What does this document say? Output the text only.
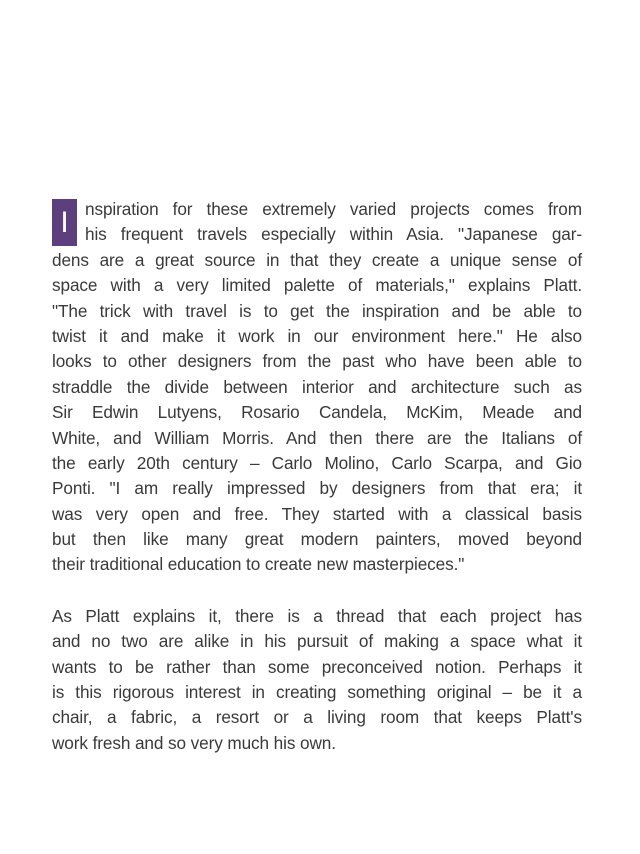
I nspiration for these extremely varied projects comes from
his frequent travels especially within Asia. "Japanese gar-
dens are a great source in that they create a unique sense of
space with a very limited palette of materials," explains Platt.
"The trick with travel is to get the inspiration and be able to
twist it and make it work in our environment here." He also
looks to other designers from the past who have been able to
straddle the divide between interior and architecture such as
Sir Edwin Lutyens, Rosario Candela, McKim, Meade and
White, and William Morris. And then there are the Italians of
the early 20th century – Carlo Molino, Carlo Scarpa, and Gio
Ponti. "I am really impressed by designers from that era; it
was very open and free. They started with a classical basis
but then like many great modern painters, moved beyond
their traditional education to create new masterpieces."
As Platt explains it, there is a thread that each project has
and no two are alike in his pursuit of making a space what it
wants to be rather than some preconceived notion. Perhaps it
is this rigorous interest in creating something original – be it a
chair, a fabric, a resort or a living room that keeps Platt's
work fresh and so very much his own.
